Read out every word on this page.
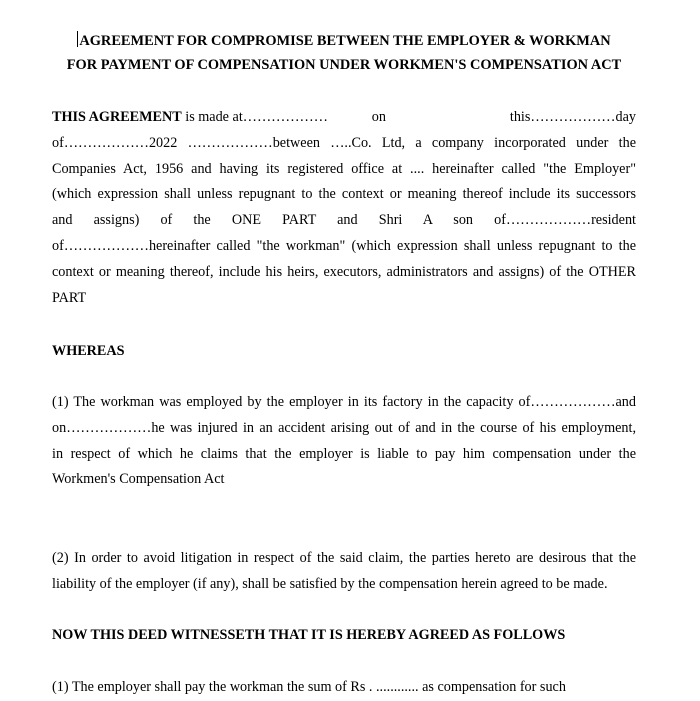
AGREEMENT FOR COMPROMISE BETWEEN THE EMPLOYER & WORKMAN
FOR PAYMENT OF COMPENSATION UNDER WORKMEN'S COMPENSATION ACT
THIS AGREEMENT is made at………………	on	this………………day
of………………2022 ………………between …..Co. Ltd, a company incorporated under the
Companies Act, 1956 and having its registered office at .... hereinafter called "the Employer"
(which expression shall unless repugnant to the context or meaning thereof include its successors
and assigns) of the ONE PART and Shri A son of………………resident
of………………hereinafter called "the workman" (which expression shall unless repugnant to the
context or meaning thereof, include his heirs, executors, administrators and assigns) of the OTHER
PART
WHEREAS
(1) The workman was employed by the employer in its factory in the capacity of………………and
on………………he was injured in an accident arising out of and in the course of his employment,
in respect of which he claims that the employer is liable to pay him compensation under the
Workmen's Compensation Act
(2) In order to avoid litigation in respect of the said claim, the parties hereto are desirous that the
liability of the employer (if any), shall be satisfied by the compensation herein agreed to be made.
NOW THIS DEED WITNESSETH THAT IT IS HEREBY AGREED AS FOLLOWS
(1) The employer shall pay the workman the sum of Rs . ............ as compensation for such
